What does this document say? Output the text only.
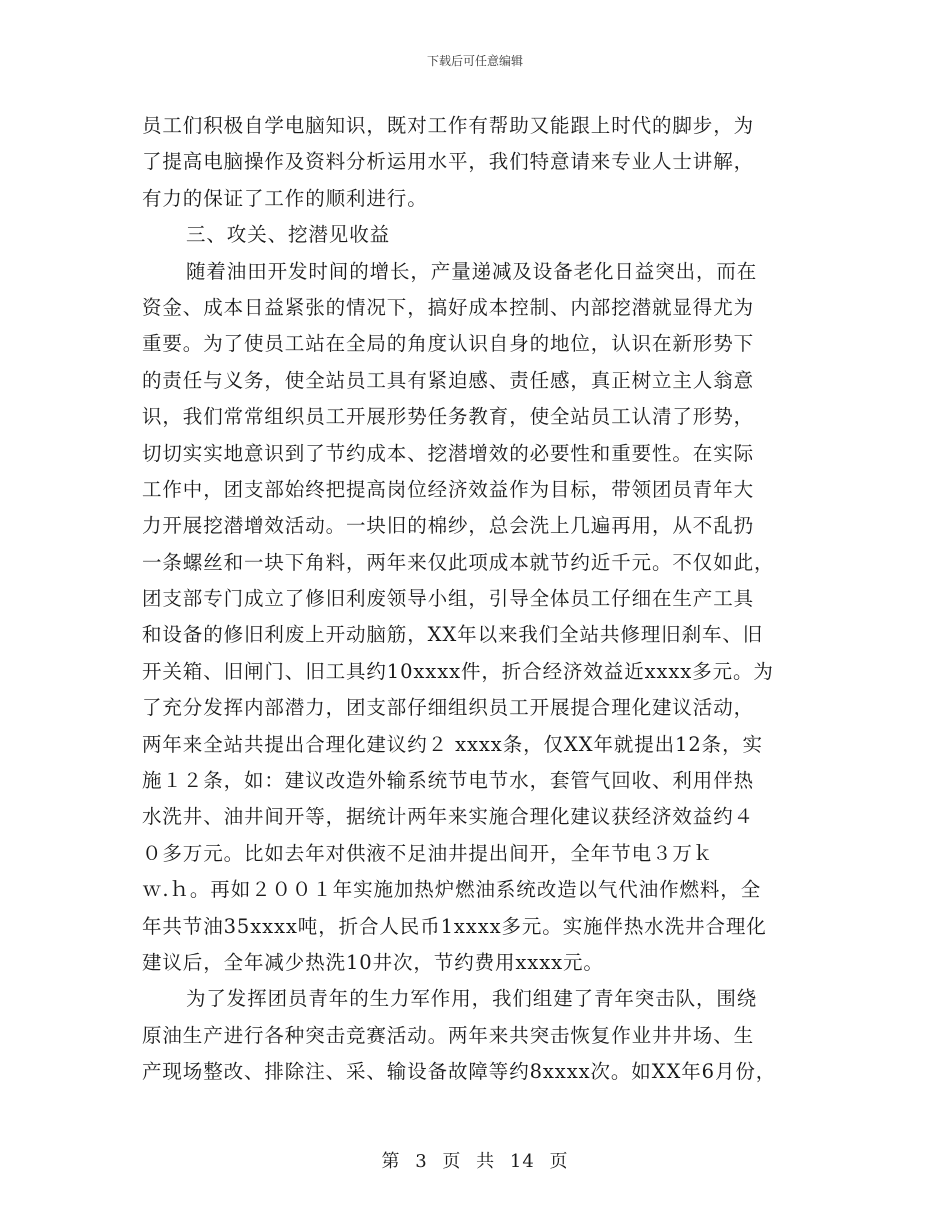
下载后可任意编辑
员工们积极自学电脑知识，既对工作有帮助又能跟上时代的脚步，为
了提高电脑操作及资料分析运用水平，我们特意请来专业人士讲解，
有力的保证了工作的顺利进行。
三、攻关、挖潜见收益
随着油田开发时间的增长，产量递减及设备老化日益突出，而在
资金、成本日益紧张的情况下，搞好成本控制、内部挖潜就显得尤为
重要。为了使员工站在全局的角度认识自身的地位，认识在新形势下
的责任与义务，使全站员工具有紧迫感、责任感，真正树立主人翁意
识，我们常常组织员工开展形势任务教育，使全站员工认清了形势，
切切实实地意识到了节约成本、挖潜增效的必要性和重要性。在实际
工作中，团支部始终把提高岗位经济效益作为目标，带领团员青年大
力开展挖潜增效活动。一块旧的棉纱，总会洗上几遍再用，从不乱扔
一条螺丝和一块下角料，两年来仅此项成本就节约近千元。不仅如此，
团支部专门成立了修旧利废领导小组，引导全体员工仔细在生产工具
和设备的修旧利废上开动脑筋，XX年以来我们全站共修理旧刹车、旧
开关箱、旧闸门、旧工具约10xxxx件，折合经济效益近xxxx多元。为
了充分发挥内部潜力，团支部仔细组织员工开展提合理化建议活动，
两年来全站共提出合理化建议约２ xxxx条，仅XX年就提出12条，实
施１２条，如：建议改造外输系统节电节水，套管气回收、利用伴热
水洗井、油井间开等，据统计两年来实施合理化建议获经济效益约４
０多万元。比如去年对供液不足油井提出间开，全年节电３万ｋ
ｗ.ｈ。再如２００１年实施加热炉燃油系统改造以气代油作燃料，全
年共节油35xxxx吨，折合人民币1xxxx多元。实施伴热水洗井合理化
建议后，全年减少热洗10井次，节约费用xxxx元。
为了发挥团员青年的生力军作用，我们组建了青年突击队，围绕
原油生产进行各种突击竞赛活动。两年来共突击恢复作业井井场、生
产现场整改、排除注、采、输设备故障等约8xxxx次。如XX年6月份，
第 3 页 共 14 页
